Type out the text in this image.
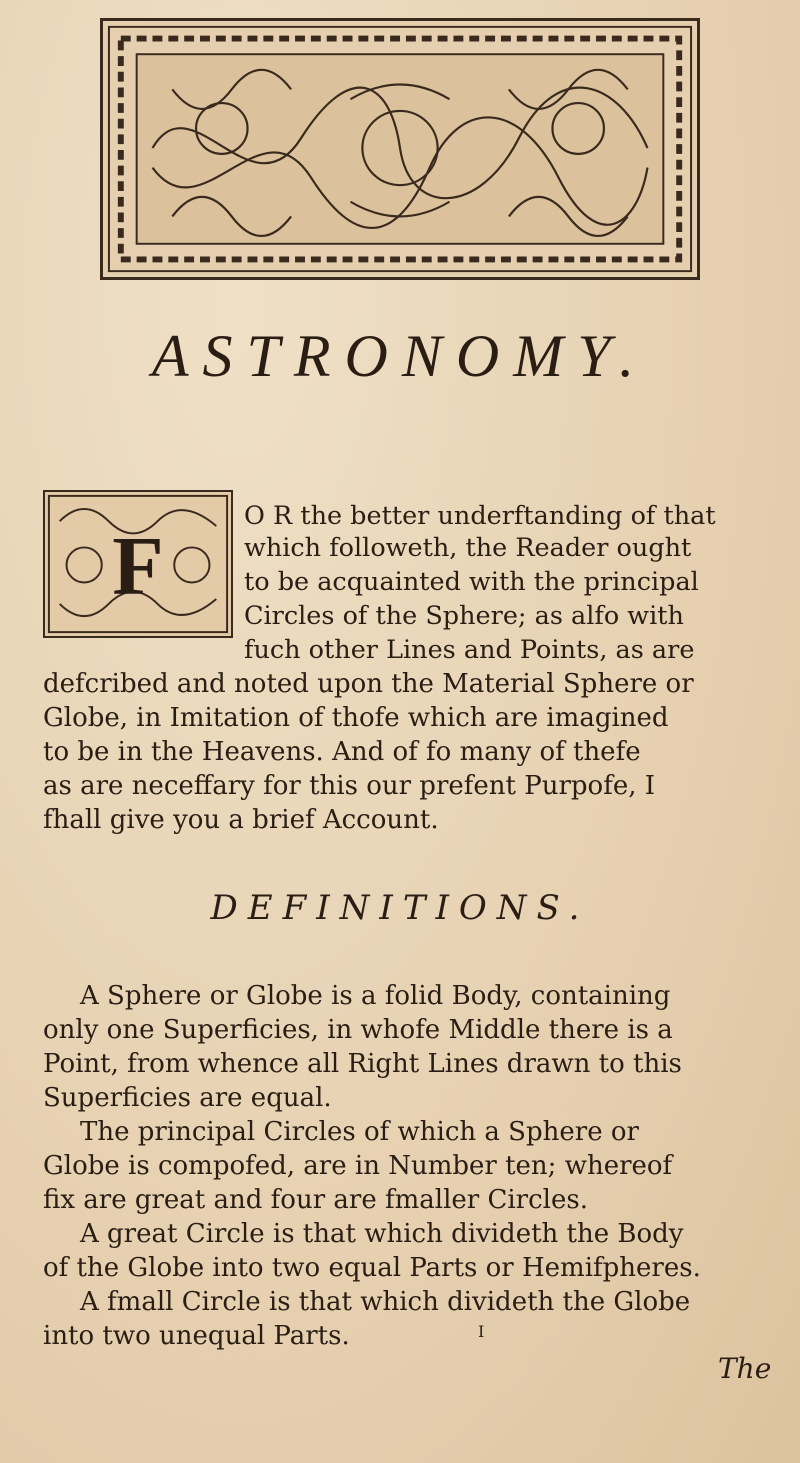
ASTRONOMY.
F
O R the better underftanding of that
which followeth, the Reader ought
to be acquainted with the principal
Circles of the Sphere; as alfo with
fuch other Lines and Points, as are
defcribed and noted upon the Material Sphere or
Globe, in Imitation of thofe which are imagined
to be in the Heavens. And of fo many of thefe
as are neceffary for this our prefent Purpofe, I
fhall give you a brief Account.
DEFINITIONS.
A Sphere or Globe is a folid Body, containing
only one Superficies, in whofe Middle there is a
Point, from whence all Right Lines drawn to this
Superficies are equal.
The principal Circles of which a Sphere or
Globe is compofed, are in Number ten; whereof
fix are great and four are fmaller Circles.
A great Circle is that which divideth the Body
of the Globe into two equal Parts or Hemifpheres.
A fmall Circle is that which divideth the Globe
into two unequal Parts.	I
The
